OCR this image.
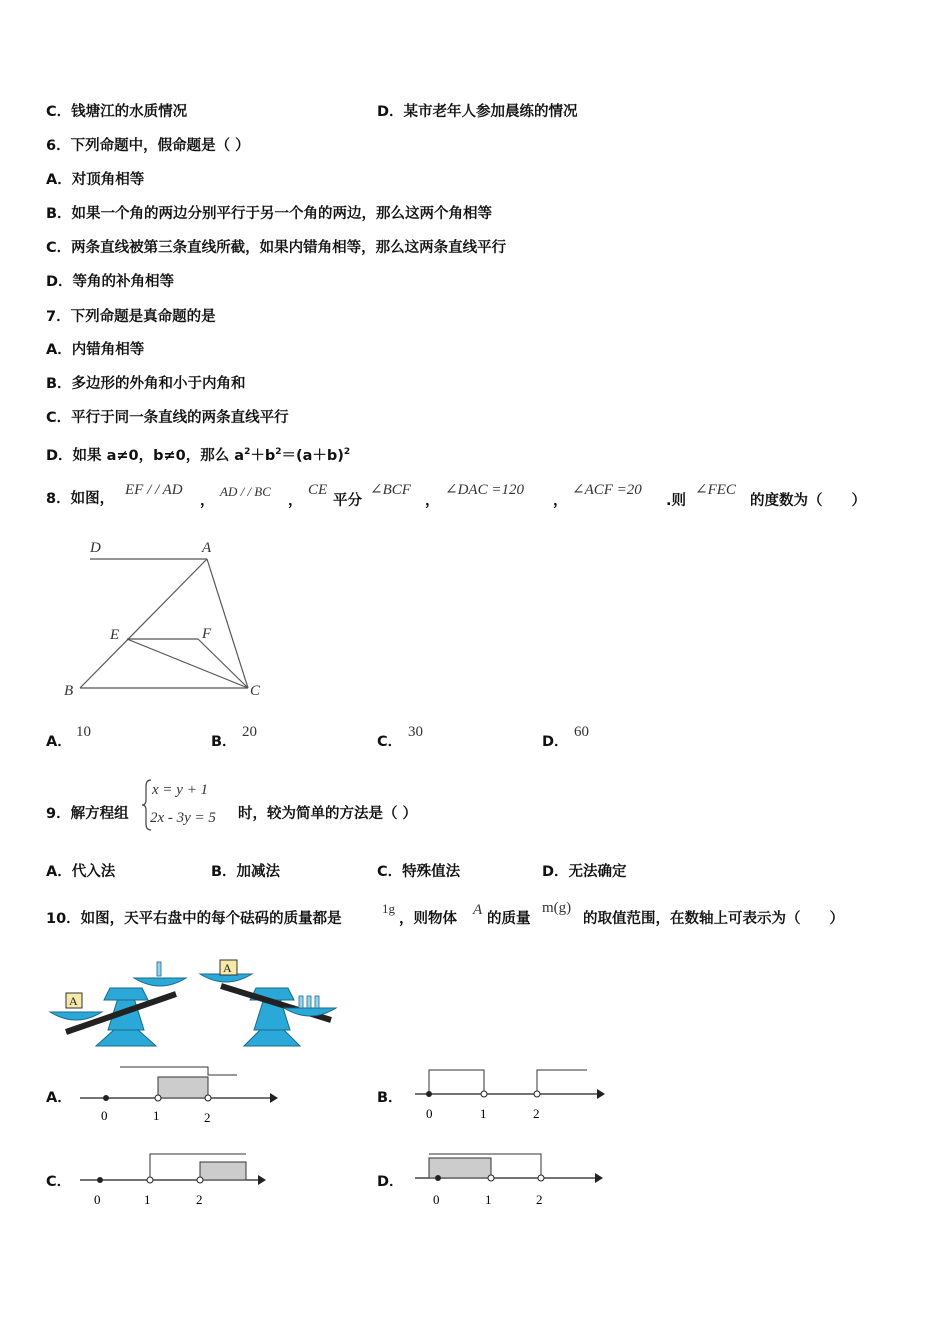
C．钱塘江的水质情况	D．某市老年人参加晨练的情况
6．下列命题中，假命题是（ ）
A．对顶角相等
B．如果一个角的两边分别平行于另一个角的两边，那么这两个角相等
C．两条直线被第三条直线所截，如果内错角相等，那么这两条直线平行
D．等角的补角相等
7．下列命题是真命题的是
A．内错角相等
B．多边形的外角和小于内角和
C．平行于同一条直线的两条直线平行
D．如果 a≠0，b≠0，那么 $a^2+b^2=(a+b)^2$
8．如图，
EF / / AD
，
AD / / BC
，
CE
平分
∠BCF
，
∠DAC =120
，
∠ACF =20
.则
∠FEC
的度数为（　　）
D	A
E	F
B	C
A．
10
B．
20
C．
30
D．
60
9．解方程组
x = y + 1
2x - 3y = 5 时，较为简单的方法是（ ）
A．代入法	B．加减法	C．特殊值法	D．无法确定
10．如图，天平右盘中的每个砝码的质量都是
1g
，则物体
A
的质量
m(g)
的取值范围，在数轴上可表示为（　　）
A
A
A．	B．
C．	D．
0	1	2	0	1	2
0	1	2	0	1	2
